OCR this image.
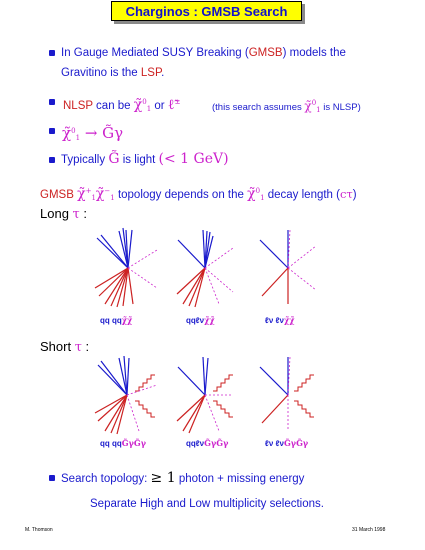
Charginos : GMSB Search
In Gauge Mediated SUSY Breaking (GMSB) models the
Gravitino is the LSP.
NLSP can be χ̃$^0_1$ or ℓ̃±	(this search assumes χ̃$^0_1$ is NLSP)
χ̃$^0_1$ → G̃γ
Typically G̃ is light (< 1 GeV)
GMSB $\chĩ^+_1\chĩ^-_1$ topology depends on the χ̃$^0_1$ decay length (cτ)
Long τ :
qq qqχ̃χ̃	qqℓνχ̃χ̃	ℓν ℓνχ̃χ̃
Short τ :
qq qqG̃γG̃γ	qqℓνG̃γG̃γ	ℓν ℓνG̃γG̃γ
Search topology: ≥ 1 photon + missing energy
Separate High and Low multiplicity selections.
M. Thomson	31 March 1998
